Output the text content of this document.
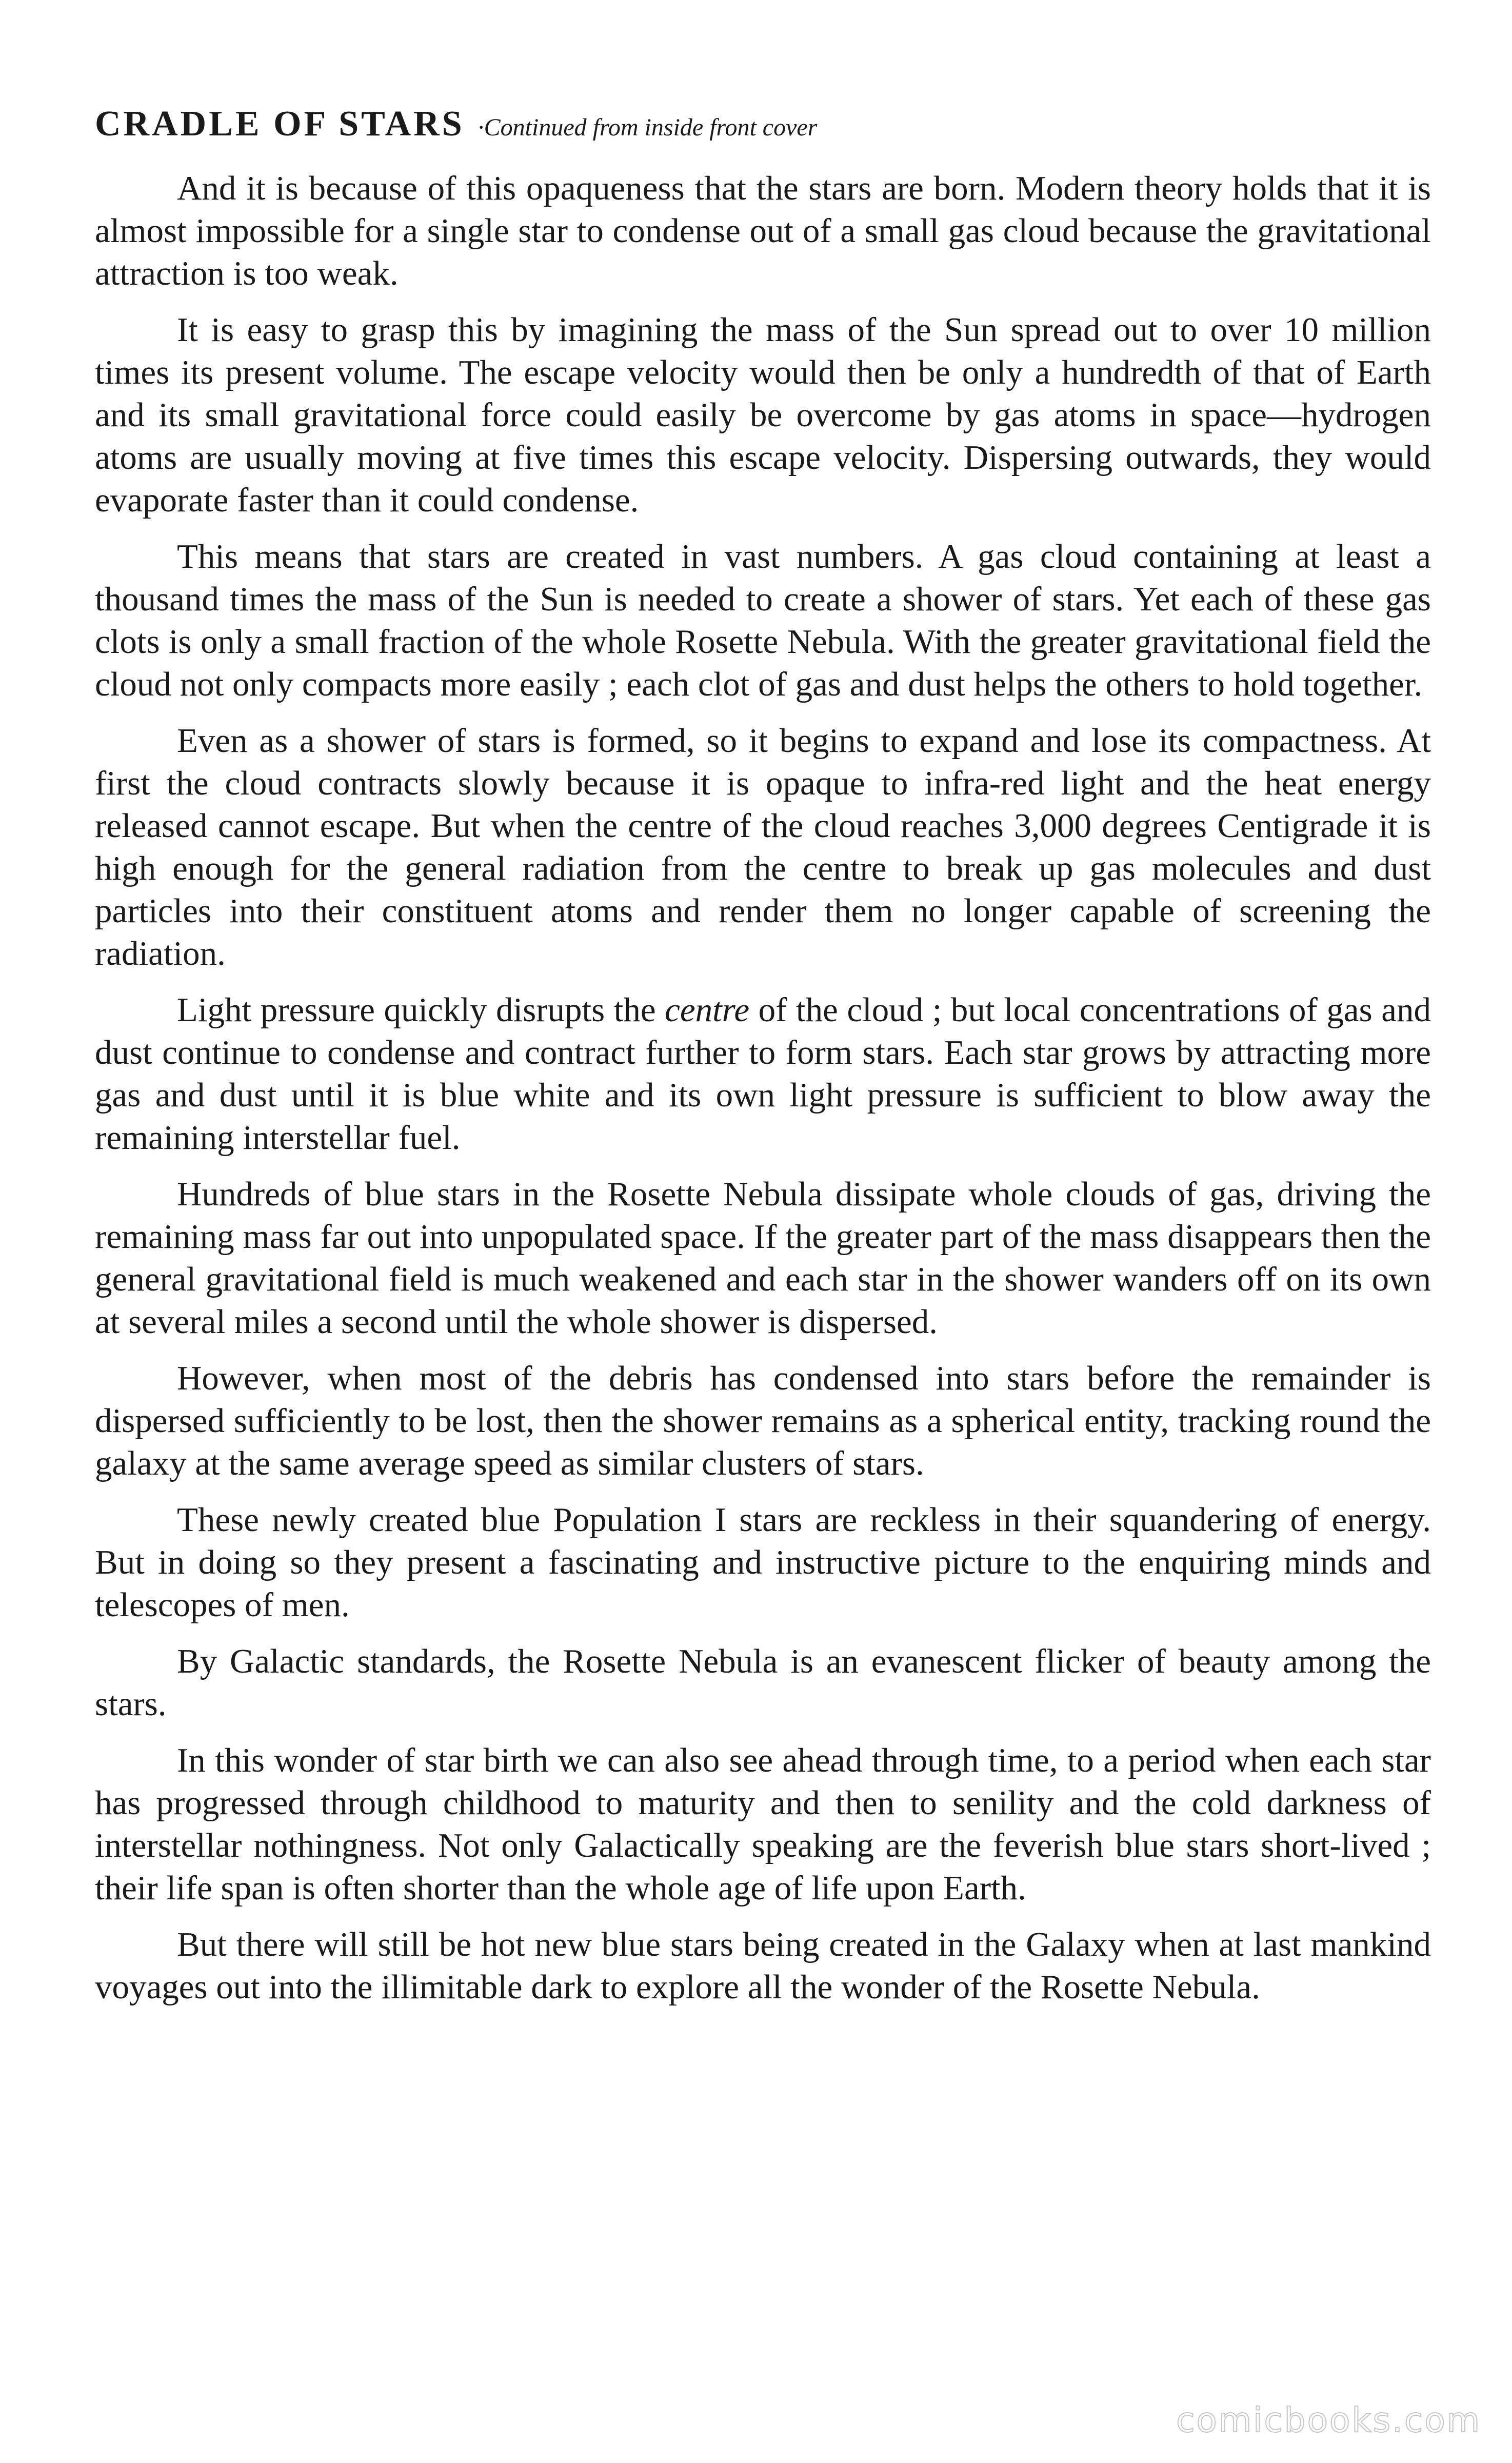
CRADLE OF STARS ·Continued from inside front cover

And it is because of this opaqueness that the stars are born. Modern theory holds that it is almost impossible for a single star to condense out of a small gas cloud because the gravitational attraction is too weak.

It is easy to grasp this by imagining the mass of the Sun spread out to over 10 million times its present volume. The escape velocity would then be only a hundredth of that of Earth and its small gravitational force could easily be overcome by gas atoms in space—hydrogen atoms are usually moving at five times this escape velocity. Dispersing outwards, they would evaporate faster than it could condense.

This means that stars are created in vast numbers. A gas cloud containing at least a thousand times the mass of the Sun is needed to create a shower of stars. Yet each of these gas clots is only a small fraction of the whole Rosette Nebula. With the greater gravitational field the cloud not only compacts more easily ; each clot of gas and dust helps the others to hold together.

Even as a shower of stars is formed, so it begins to expand and lose its compactness. At first the cloud contracts slowly because it is opaque to infra-red light and the heat energy released cannot escape. But when the centre of the cloud reaches 3,000 degrees Centigrade it is high enough for the general radiation from the centre to break up gas molecules and dust particles into their constituent atoms and render them no longer capable of screening the radiation.

Light pressure quickly disrupts the centre of the cloud ; but local concentrations of gas and dust continue to condense and contract further to form stars. Each star grows by attracting more gas and dust until it is blue white and its own light pressure is sufficient to blow away the remaining interstellar fuel.

Hundreds of blue stars in the Rosette Nebula dissipate whole clouds of gas, driving the remaining mass far out into unpopulated space. If the greater part of the mass disappears then the general gravitational field is much weakened and each star in the shower wanders off on its own at several miles a second until the whole shower is dispersed.

However, when most of the debris has condensed into stars before the remainder is dispersed sufficiently to be lost, then the shower remains as a spherical entity, tracking round the galaxy at the same average speed as similar clusters of stars.

These newly created blue Population I stars are reckless in their squandering of energy. But in doing so they present a fascinating and instructive picture to the enquiring minds and telescopes of men.

By Galactic standards, the Rosette Nebula is an evanescent flicker of beauty among the stars.

In this wonder of star birth we can also see ahead through time, to a period when each star has progressed through childhood to maturity and then to senility and the cold darkness of interstellar nothingness. Not only Galactically speaking are the feverish blue stars short-lived ; their life span is often shorter than the whole age of life upon Earth.

But there will still be hot new blue stars being created in the Galaxy when at last mankind voyages out into the illimitable dark to explore all the wonder of the Rosette Nebula.

comicbooks.com
